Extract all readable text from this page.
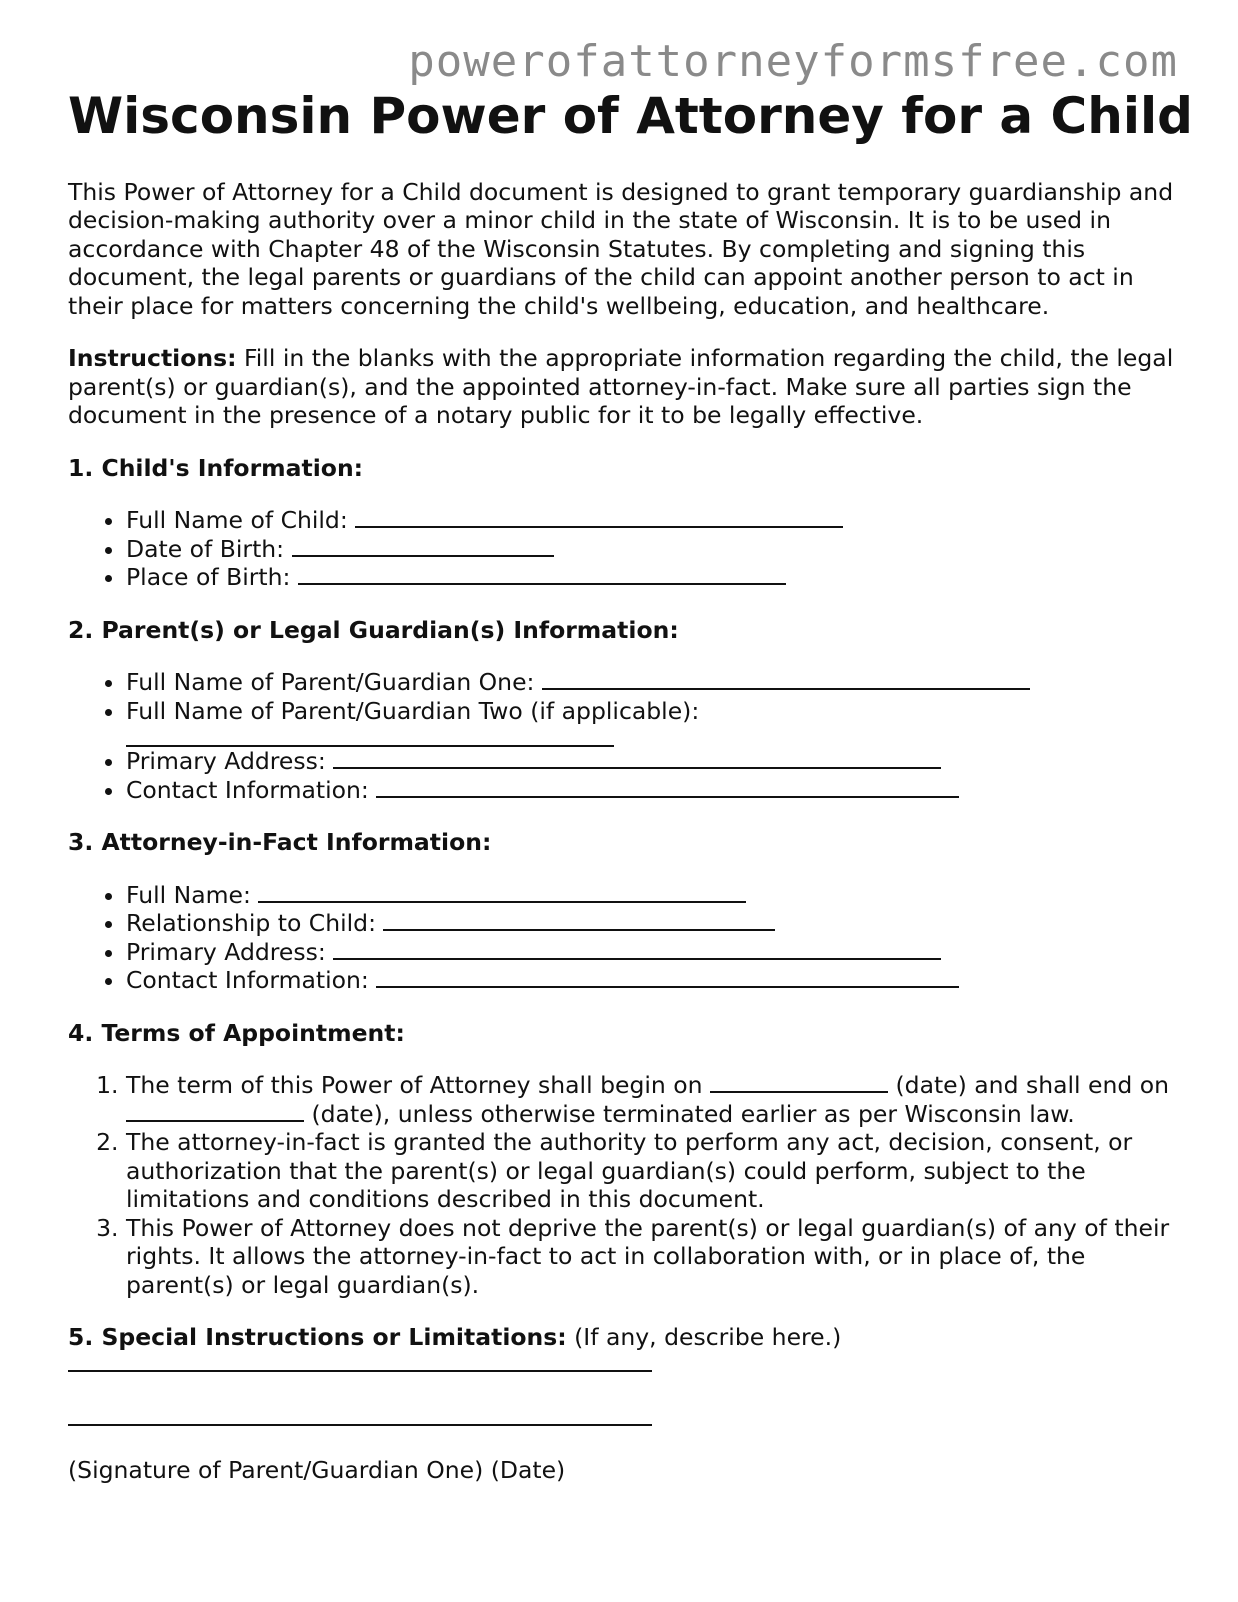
powerofattorneyformsfree.com
Wisconsin Power of Attorney for a Child

This Power of Attorney for a Child document is designed to grant temporary guardianship and decision-making authority over a minor child in the state of Wisconsin. It is to be used in accordance with Chapter 48 of the Wisconsin Statutes. By completing and signing this document, the legal parents or guardians of the child can appoint another person to act in their place for matters concerning the child's wellbeing, education, and healthcare.

Instructions: Fill in the blanks with the appropriate information regarding the child, the legal parent(s) or guardian(s), and the appointed attorney-in-fact. Make sure all parties sign the document in the presence of a notary public for it to be legally effective.

1. Child's Information:
• Full Name of Child:
• Date of Birth:
• Place of Birth:
2. Parent(s) or Legal Guardian(s) Information:
• Full Name of Parent/Guardian One:
• Full Name of Parent/Guardian Two (if applicable):
• Primary Address:
• Contact Information:
3. Attorney-in-Fact Information:
• Full Name:
• Relationship to Child:
• Primary Address:
• Contact Information:
4. Terms of Appointment:
1. The term of this Power of Attorney shall begin on	(date) and shall end on  (date), unless otherwise terminated earlier as per Wisconsin law.
2. The attorney-in-fact is granted the authority to perform any act, decision, consent, or authorization that the parent(s) or legal guardian(s) could perform, subject to the limitations and conditions described in this document.
3. This Power of Attorney does not deprive the parent(s) or legal guardian(s) of any of their rights. It allows the attorney-in-fact to act in collaboration with, or in place of, the parent(s) or legal guardian(s).

5. Special Instructions or Limitations: (If any, describe here.)

(Signature of Parent/Guardian One) (Date)
